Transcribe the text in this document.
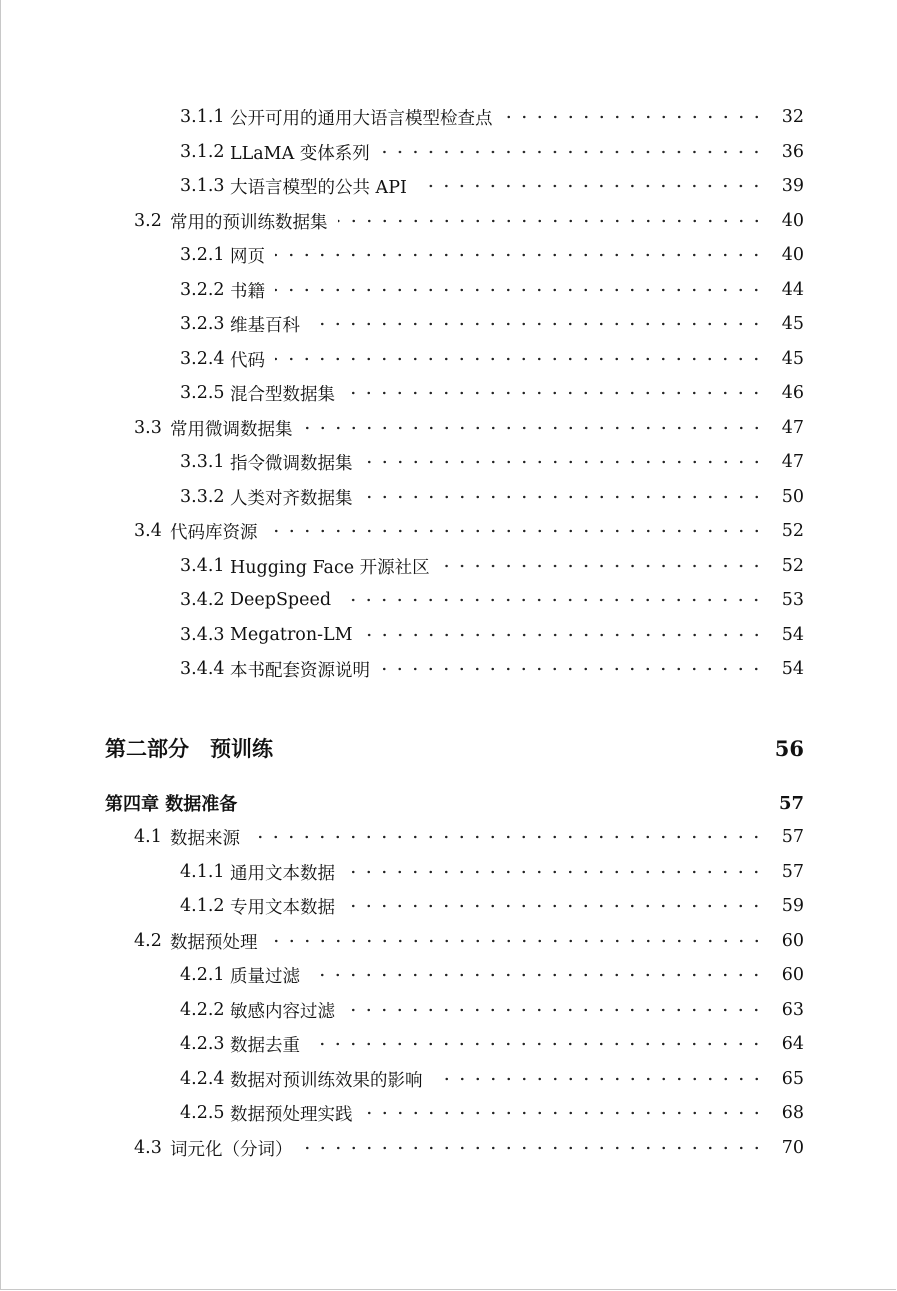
3.1.1 公开可用的通用大语言模型检查点	32
3.1.2 LLaMA 变体系列	36
3.1.3 大语言模型的公共 API	39
3.2 常用的预训练数据集	40
3.2.1 网页	40
3.2.2 书籍	44
3.2.3 维基百科	45
3.2.4 代码	45
3.2.5 混合型数据集	46
3.3 常用微调数据集	47
3.3.1 指令微调数据集	47
3.3.2 人类对齐数据集	50
3.4 代码库资源	52
3.4.1 Hugging Face 开源社区	52
3.4.2 DeepSpeed	53
3.4.3 Megatron-LM	54
3.4.4 本书配套资源说明	54
第二部分　预训练	56
第四章 数据准备	57
4.1 数据来源	57
4.1.1 通用文本数据	57
4.1.2 专用文本数据	59
4.2 数据预处理	60
4.2.1 质量过滤	60
4.2.2 敏感内容过滤	63
4.2.3 数据去重	64
4.2.4 数据对预训练效果的影响	65
4.2.5 数据预处理实践	68
4.3 词元化（分词）	70
